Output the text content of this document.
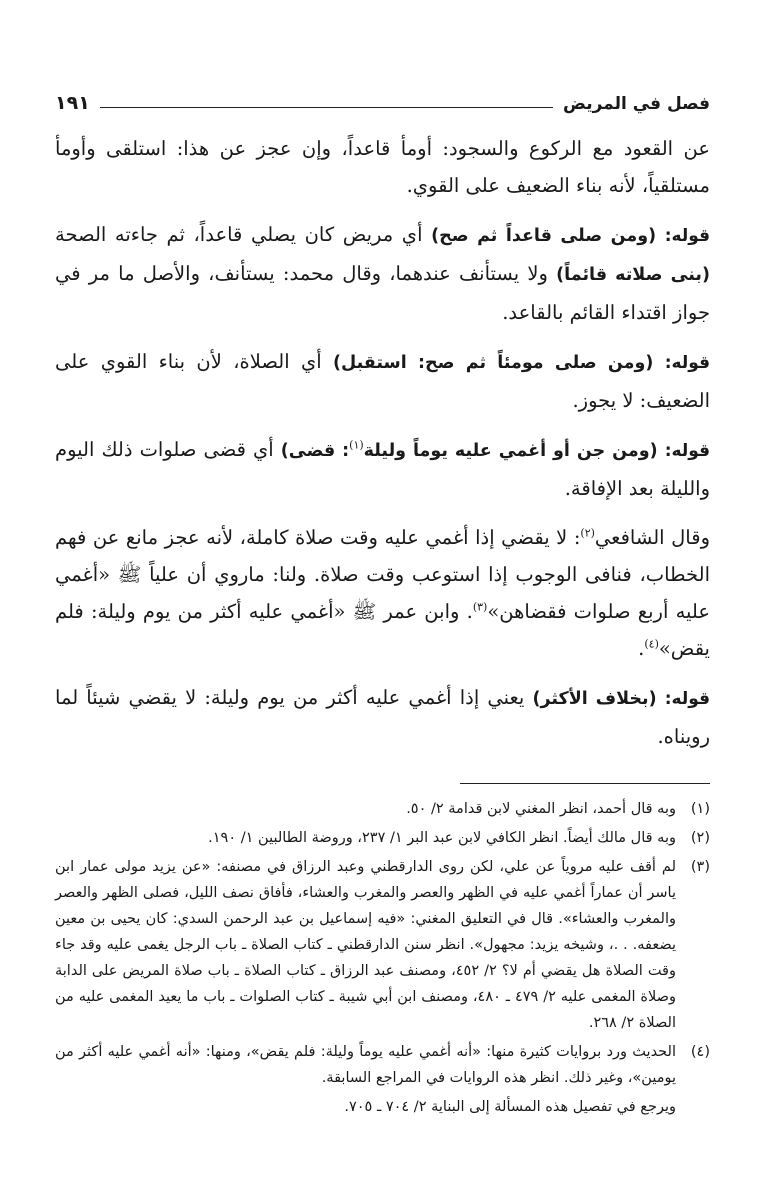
فصل في المريض
١٩١

عن القعود مع الركوع والسجود: أومأ قاعداً، وإن عجز عن هذا: استلقى وأومأ مستلقياً، لأنه بناء الضعيف على القوي.

قوله: (ومن صلى قاعداً ثم صح) أي مريض كان يصلي قاعداً، ثم جاءته الصحة (بنى صلاته قائماً) ولا يستأنف عندهما، وقال محمد: يستأنف، والأصل ما مر في جواز اقتداء القائم بالقاعد.

قوله: (ومن صلى مومئاً ثم صح: استقبل) أي الصلاة، لأن بناء القوي على الضعيف: لا يجوز.

قوله: (ومن جن أو أغمي عليه يوماً وليلة$^{(١)}$: قضى) أي قضى صلوات ذلك اليوم والليلة بعد الإفاقة.

وقال الشافعي$^{(٢)}$: لا يقضي إذا أغمي عليه وقت صلاة كاملة، لأنه عجز مانع عن فهم الخطاب، فنافى الوجوب إذا استوعب وقت صلاة. ولنا: ماروي أن علياً ﷺ «أغمي عليه أربع صلوات فقضاهن»$^{(٣)}$. وابن عمر ﷺ «أغمي عليه أكثر من يوم وليلة: فلم يقض»$^{(٤)}$.

قوله: (بخلاف الأكثر) يعني إذا أغمي عليه أكثر من يوم وليلة: لا يقضي شيئاً لما رويناه.

(١)
وبه قال أحمد، انظر المغني لابن قدامة ٢/ ٥٠.
(٢)
وبه قال مالك أيضاً. انظر الكافي لابن عبد البر ١/ ٢٣٧، وروضة الطالبين ١/ ١٩٠.
(٣)
لم أقف عليه مروياً عن علي، لكن روى الدارقطني وعبد الرزاق في مصنفه: «عن يزيد مولى عمار ابن ياسر أن عماراً أغمي عليه في الظهر والعصر والمغرب والعشاء، فأفاق نصف الليل، فصلى الظهر والعصر والمغرب والعشاء». قال في التعليق المغني: «فيه إسماعيل بن عبد الرحمن السدي: كان يحيى بن معين يضعفه. . .، وشيخه يزيد: مجهول». انظر سنن الدارقطني ـ كتاب الصلاة ـ باب الرجل يغمى عليه وقد جاء وقت الصلاة هل يقضي أم لا؟ ٢/ ٤٥٢، ومصنف عبد الرزاق ـ كتاب الصلاة ـ باب صلاة المريض على الدابة وصلاة المغمى عليه ٢/ ٤٧٩ ـ ٤٨٠، ومصنف ابن أبي شيبة ـ كتاب الصلوات ـ باب ما يعيد المغمى عليه من الصلاة ٢/ ٢٦٨.
(٤)
الحديث ورد بروايات كثيرة منها: «أنه أغمي عليه يوماً وليلة: فلم يقض»، ومنها: «أنه أغمي عليه أكثر من يومين»، وغير ذلك. انظر هذه الروايات في المراجع السابقة.
ويرجع في تفصيل هذه المسألة إلى البناية ٢/ ٧٠٤ ـ ٧٠٥.
